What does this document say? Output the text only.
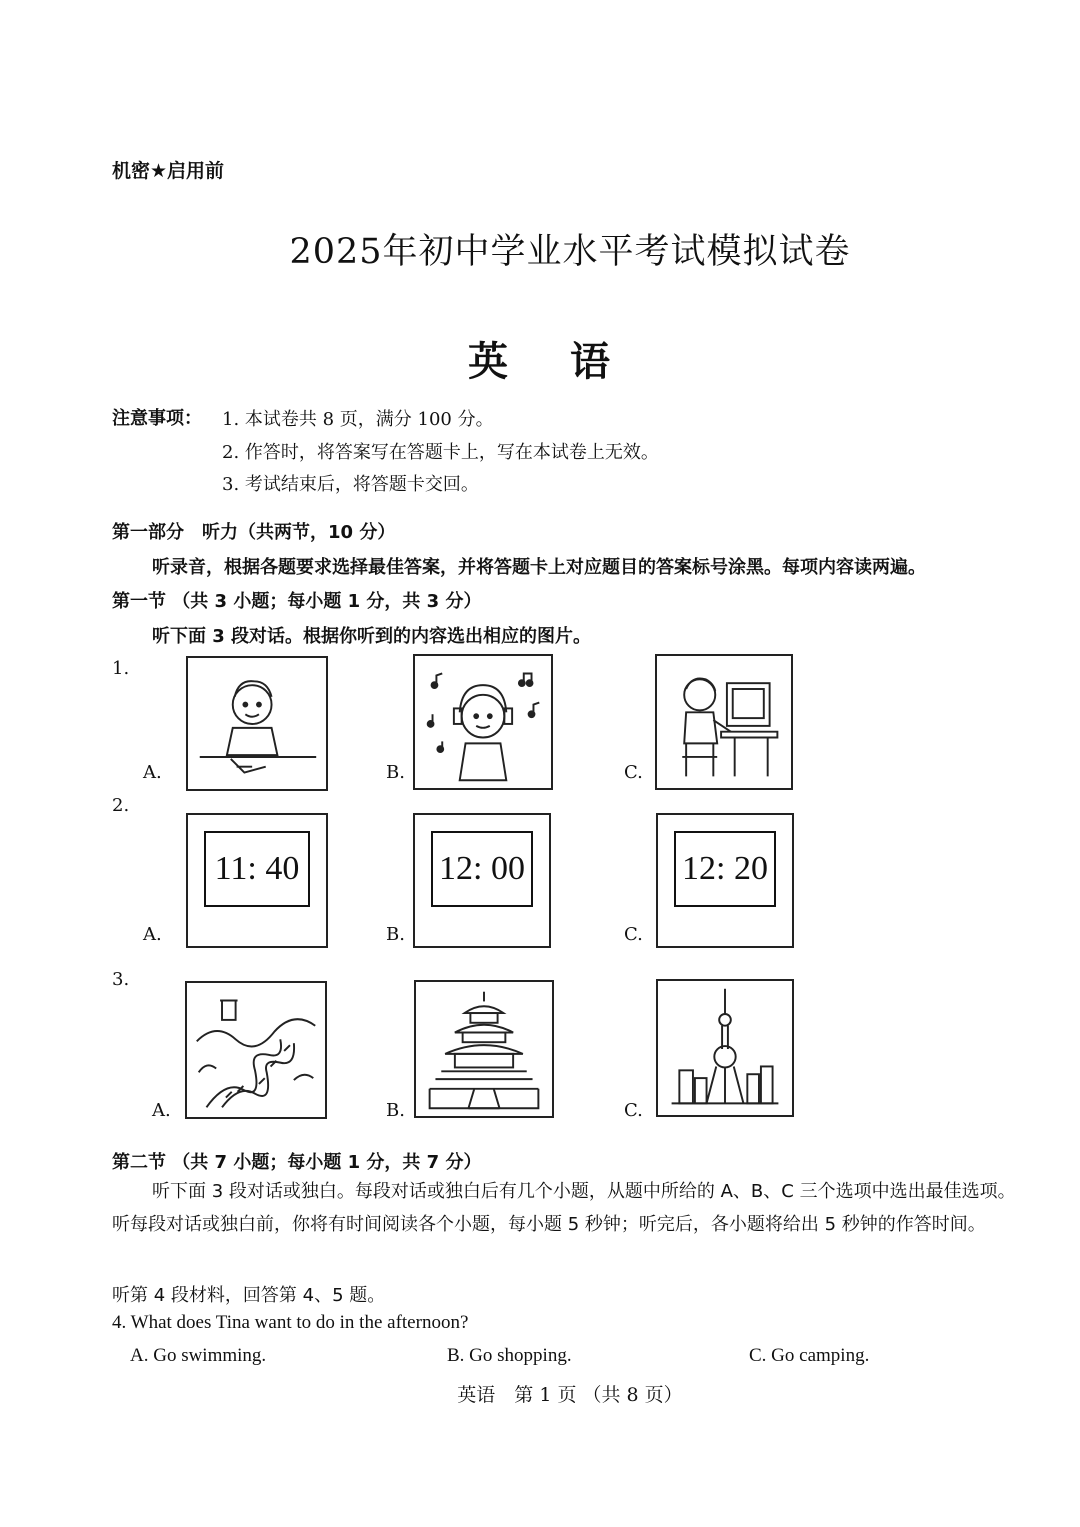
机密★启用前
2025年初中学业水平考试模拟试卷
英语
注意事项： 1. 本试卷共 8 页，满分 100 分。
2. 作答时，将答案写在答题卡上，写在本试卷上无效。
3. 考试结束后，将答题卡交回。
第一部分　听力（共两节，10 分）
听录音，根据各题要求选择最佳答案，并将答题卡上对应题目的答案标号涂黑。每项内容读两遍。
第一节 （共 3 小题；每小题 1 分，共 3 分）
听下面 3 段对话。根据你听到的内容选出相应的图片。
1.
A.	B.	C.
2.
A.
11: 40
B.
12: 00
C.
12: 20
3.
A.	B.	C.
第二节 （共 7 小题；每小题 1 分，共 7 分）
听下面 3 段对话或独白。每段对话或独白后有几个小题，从题中所给的 A、B、C 三个选项中选出最佳选项。听每段对话或独白前，你将有时间阅读各个小题，每小题 5 秒钟；听完后，各小题将给出 5 秒钟的作答时间。
听第 4 段材料，回答第 4、5 题。
4. What does Tina want to do in the afternoon?
A. Go swimming.	B. Go shopping.	C. Go camping.
英语　第 1 页 （共 8 页）
